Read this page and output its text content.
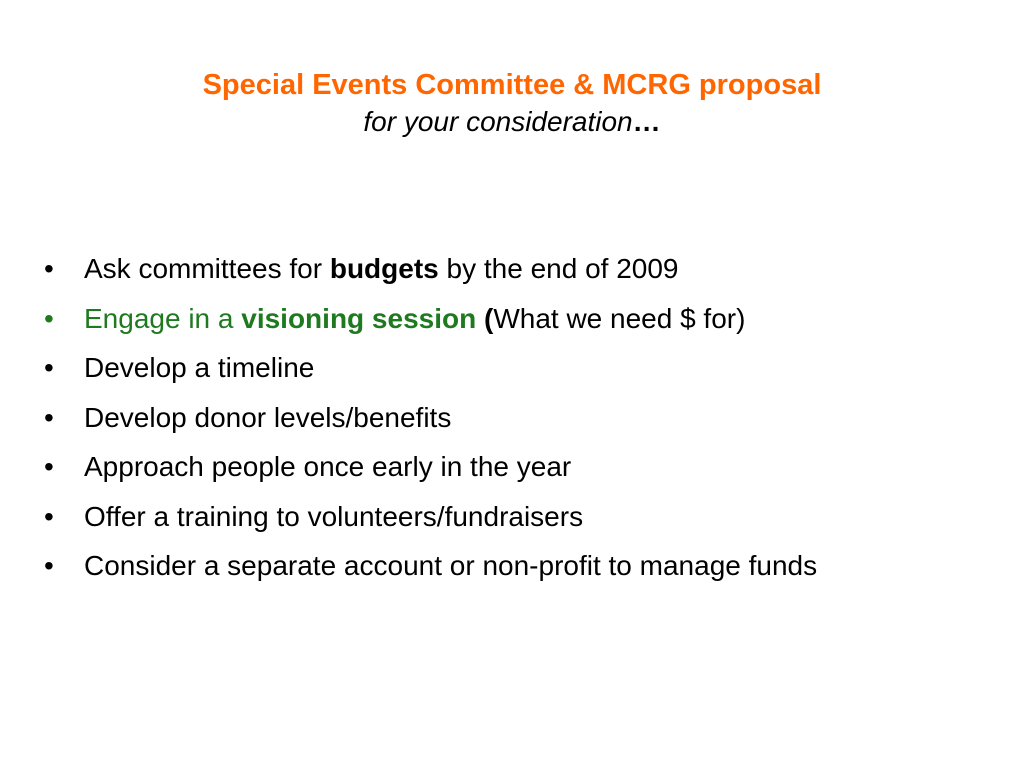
Special Events Committee & MCRG proposal

for your consideration…

•	Ask committees for budgets by the end of 2009
•	Engage in a visioning session (What we need $ for)
•	Develop a timeline
•	Develop donor levels/benefits
•	Approach people once early in the year
•	Offer a training to volunteers/fundraisers
•	Consider a separate account or non-profit to manage funds
